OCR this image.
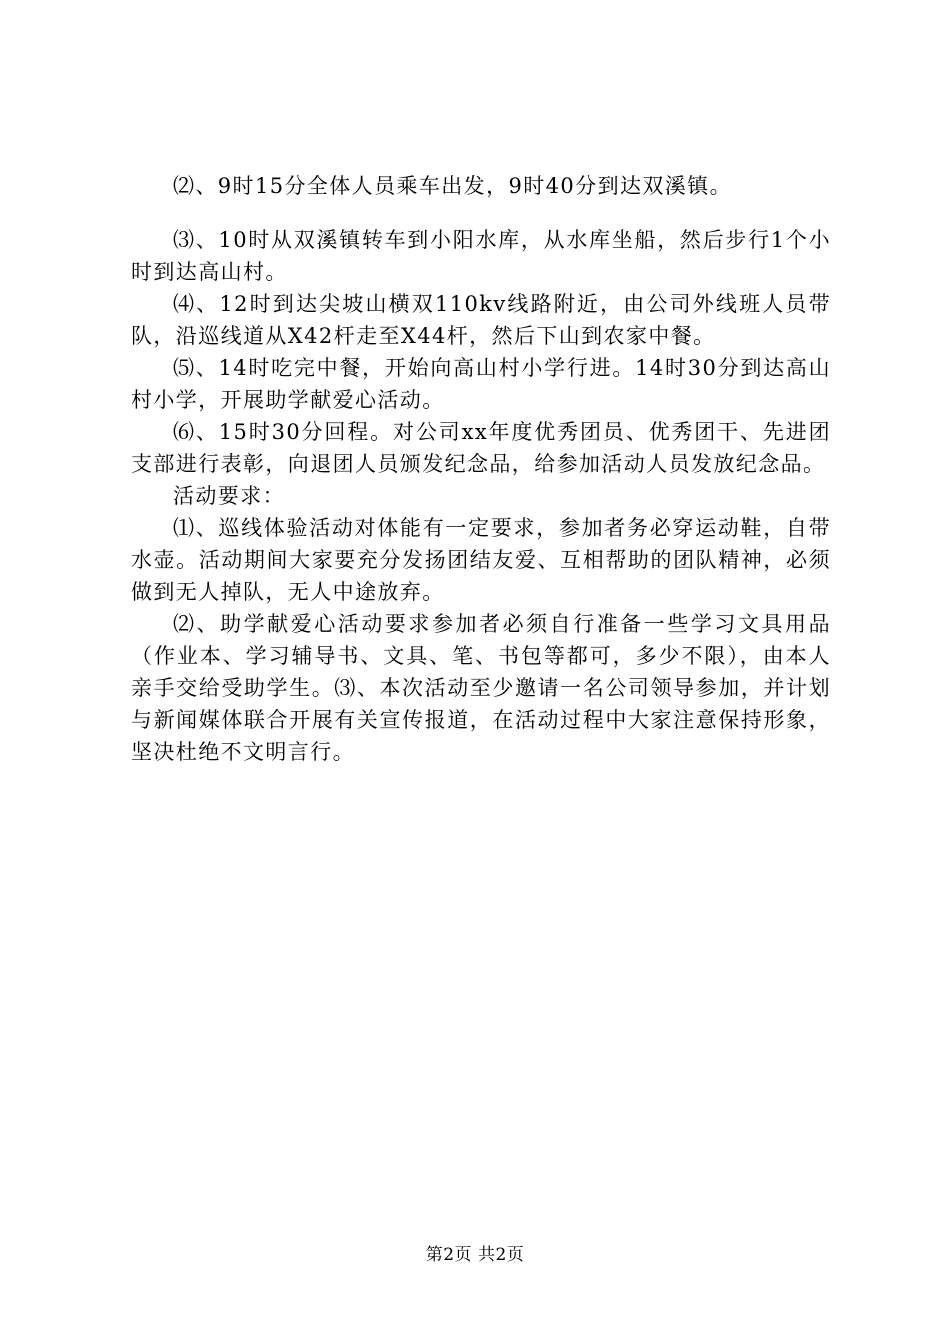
⑵、9时15分全体人员乘车出发，9时40分到达双溪镇。

⑶、10时从双溪镇转车到小阳水库，从水库坐船，然后步行1个小时到达高山村。

⑷、12时到达尖坡山横双110kv线路附近，由公司外线班人员带队，沿巡线道从X42杆走至X44杆，然后下山到农家中餐。

⑸、14时吃完中餐，开始向高山村小学行进。14时30分到达高山村小学，开展助学献爱心活动。

⑹、15时30分回程。对公司xx年度优秀团员、优秀团干、先进团支部进行表彰，向退团人员颁发纪念品，给参加活动人员发放纪念品。

活动要求：

⑴、巡线体验活动对体能有一定要求，参加者务必穿运动鞋，自带水壶。活动期间大家要充分发扬团结友爱、互相帮助的团队精神，必须做到无人掉队，无人中途放弃。

⑵、助学献爱心活动要求参加者必须自行准备一些学习文具用品（作业本、学习辅导书、文具、笔、书包等都可，多少不限），由本人亲手交给受助学生。⑶、本次活动至少邀请一名公司领导参加，并计划与新闻媒体联合开展有关宣传报道，在活动过程中大家注意保持形象，坚决杜绝不文明言行。

第2页 共2页
